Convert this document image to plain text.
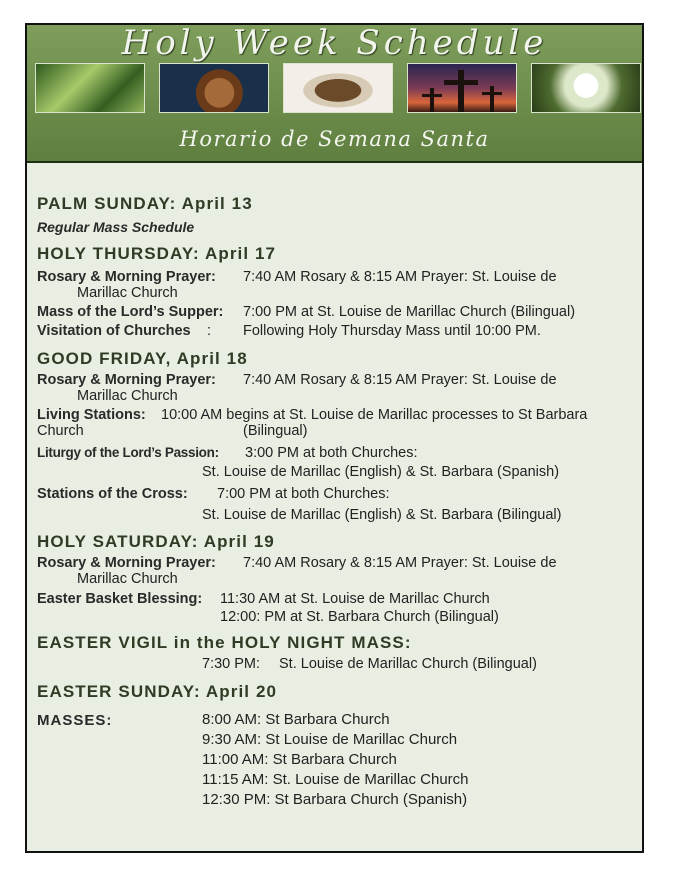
Holy Week Schedule
Horario de Semana Santa
PALM SUNDAY: April 13
Regular Mass Schedule
HOLY THURSDAY: April 17
Rosary & Morning Prayer: 7:40 AM Rosary & 8:15 AM Prayer: St. Louise de
Marillac Church
Mass of the Lord’s Supper: 7:00 PM at St. Louise de Marillac Church (Bilingual)
Visitation of Churches : Following Holy Thursday Mass until 10:00 PM.
GOOD FRIDAY, April 18
Rosary & Morning Prayer: 7:40 AM Rosary & 8:15 AM Prayer: St. Louise de
Marillac Church
Living Stations: 10:00 AM begins at St. Louise de Marillac processes to St Barbara
Church	(Bilingual)
Liturgy of the Lord’s Passion: 3:00 PM at both Churches:
St. Louise de Marillac (English) & St. Barbara (Spanish)
Stations of the Cross: 7:00 PM at both Churches:
St. Louise de Marillac (English) & St. Barbara (Bilingual)
HOLY SATURDAY: April 19
Rosary & Morning Prayer: 7:40 AM Rosary & 8:15 AM Prayer: St. Louise de
Marillac Church
Easter Basket Blessing: 11:30 AM at St. Louise de Marillac Church
12:00: PM at St. Barbara Church (Bilingual)
EASTER VIGIL in the HOLY NIGHT MASS:
7:30 PM: St. Louise de Marillac Church (Bilingual)
EASTER SUNDAY: April 20
MASSES:	8:00 AM: St Barbara Church
9:30 AM: St Louise de Marillac Church
11:00 AM: St Barbara Church
11:15 AM: St. Louise de Marillac Church
12:30 PM: St Barbara Church (Spanish)
